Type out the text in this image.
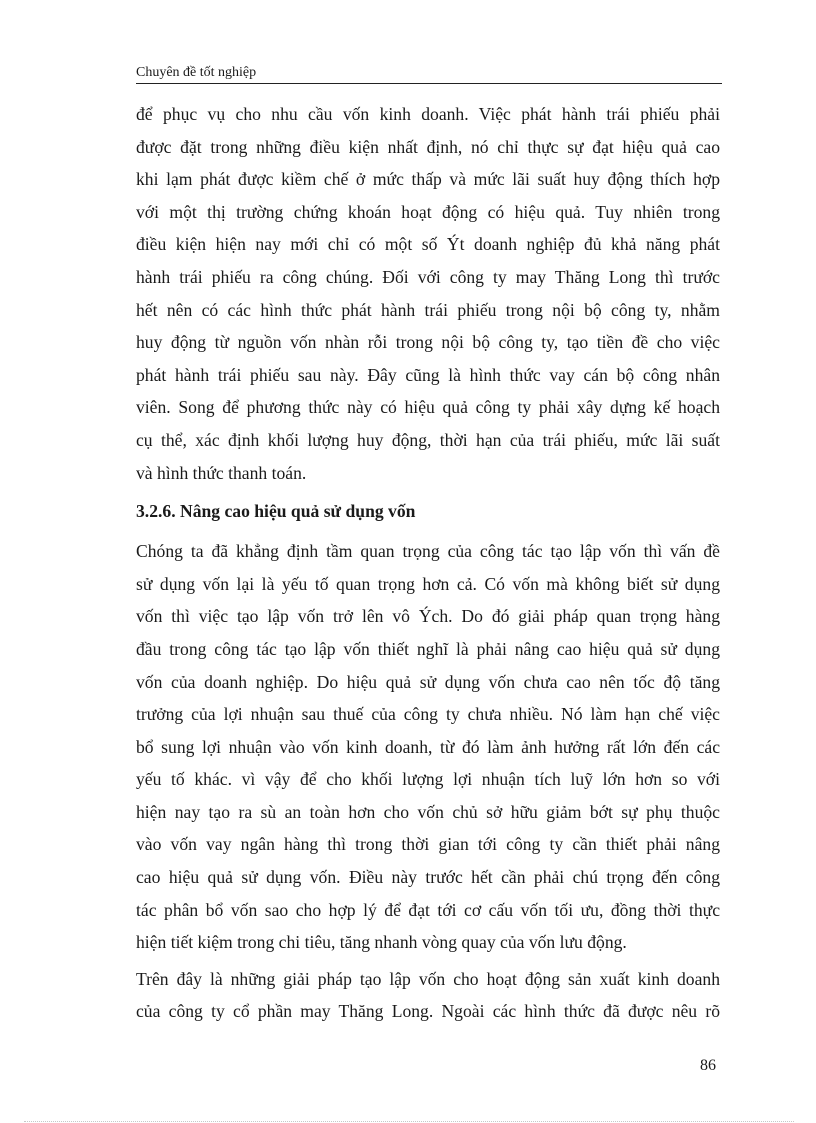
Chuyên đề tốt nghiệp
để phục vụ cho nhu cầu vốn kinh doanh. Việc phát hành trái phiếu phải
được đặt trong những điều kiện nhất định, nó chỉ thực sự đạt hiệu quả cao
khi lạm phát được kiềm chế ở mức thấp và mức lãi suất huy động thích hợp
với một thị trường chứng khoán hoạt động có hiệu quả. Tuy nhiên trong
điều kiện hiện nay mới chỉ có một số Ýt doanh nghiệp đủ khả năng phát
hành trái phiếu ra công chúng. Đối với công ty may Thăng Long thì trước
hết nên có các hình thức phát hành trái phiếu trong nội bộ công ty, nhằm
huy động từ nguồn vốn nhàn rỗi trong nội bộ công ty, tạo tiền đề cho việc
phát hành trái phiếu sau này. Đây cũng là hình thức vay cán bộ công nhân
viên. Song để phương thức này có hiệu quả công ty phải xây dựng kế hoạch
cụ thể, xác định khối lượng huy động, thời hạn của trái phiếu, mức lãi suất
và hình thức thanh toán.
3.2.6. Nâng cao hiệu quả sử dụng vốn
Chóng ta đã khẳng định tầm quan trọng của công tác tạo lập vốn thì vấn đề
sử dụng vốn lại là yếu tố quan trọng hơn cả. Có vốn mà không biết sử dụng
vốn thì việc tạo lập vốn trở lên vô Ých. Do đó giải pháp quan trọng hàng
đầu trong công tác tạo lập vốn thiết nghĩ là phải nâng cao hiệu quả sử dụng
vốn của doanh nghiệp. Do hiệu quả sử dụng vốn chưa cao nên tốc độ tăng
trưởng của lợi nhuận sau thuế của công ty chưa nhiều. Nó làm hạn chế việc
bổ sung lợi nhuận vào vốn kinh doanh, từ đó làm ảnh hưởng rất lớn đến các
yếu tố khác. vì vậy để cho khối lượng lợi nhuận tích luỹ lớn hơn so với
hiện nay tạo ra sù an toàn hơn cho vốn chủ sở hữu giảm bớt sự phụ thuộc
vào vốn vay ngân hàng thì trong thời gian tới công ty cần thiết phải nâng
cao hiệu quả sử dụng vốn. Điều này trước hết cần phải chú trọng đến công
tác phân bổ vốn sao cho hợp lý để đạt tới cơ cấu vốn tối ưu, đồng thời thực
hiện tiết kiệm trong chi tiêu, tăng nhanh vòng quay của vốn lưu động.
Trên đây là những giải pháp tạo lập vốn cho hoạt động sản xuất kinh doanh
của công ty cổ phần may Thăng Long. Ngoài các hình thức đã được nêu rõ
86
